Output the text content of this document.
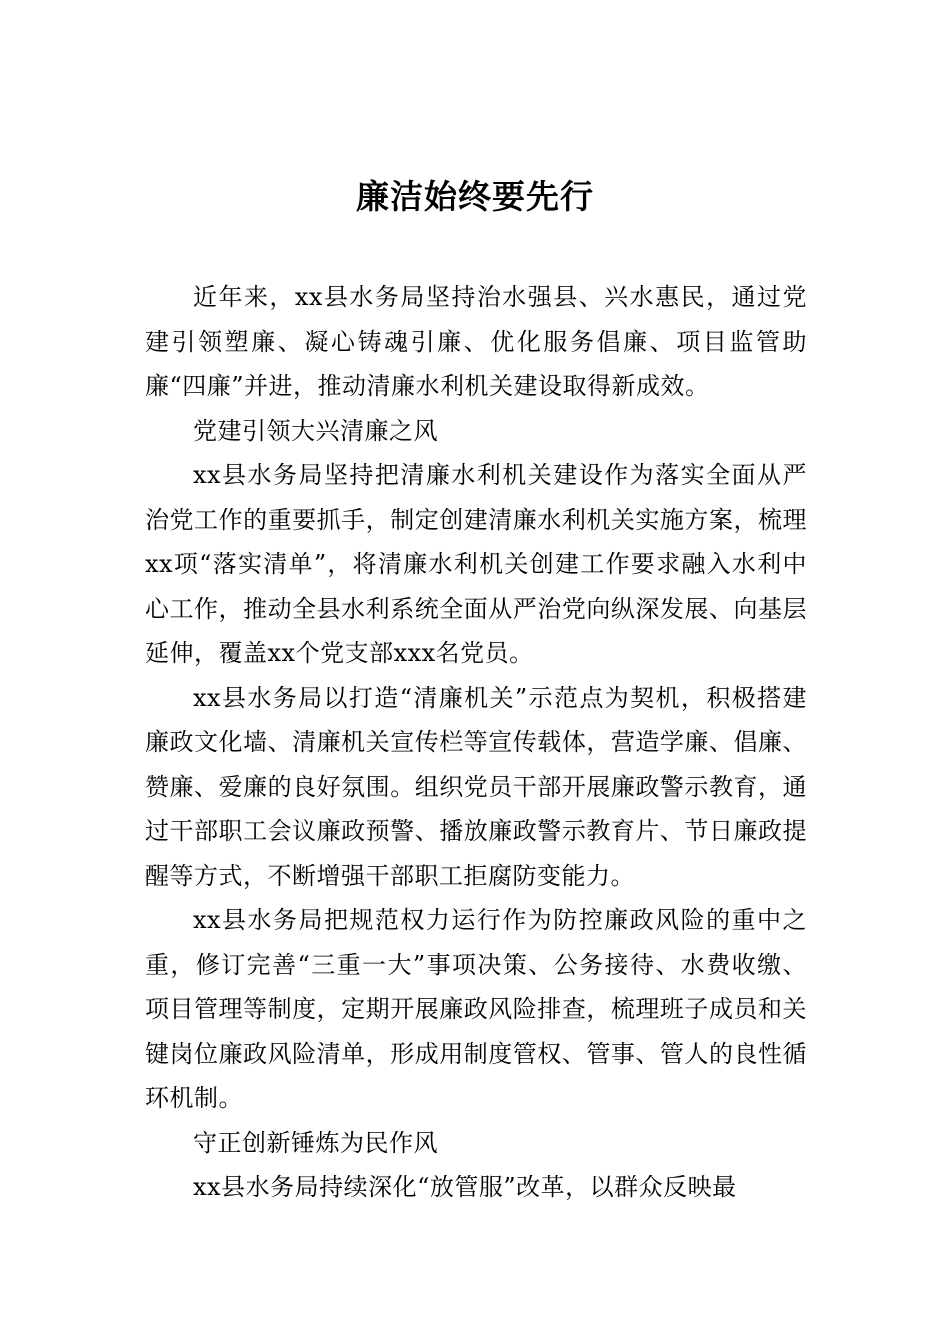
廉洁始终要先行

近年来，xx县水务局坚持治水强县、兴水惠民，通过党建引领塑廉、凝心铸魂引廉、优化服务倡廉、项目监管助廉“四廉”并进，推动清廉水利机关建设取得新成效。

党建引领大兴清廉之风

xx县水务局坚持把清廉水利机关建设作为落实全面从严治党工作的重要抓手，制定创建清廉水利机关实施方案，梳理xx项“落实清单”，将清廉水利机关创建工作要求融入水利中心工作，推动全县水利系统全面从严治党向纵深发展、向基层延伸，覆盖xx个党支部xxx名党员。

xx县水务局以打造“清廉机关”示范点为契机，积极搭建廉政文化墙、清廉机关宣传栏等宣传载体，营造学廉、倡廉、赞廉、爱廉的良好氛围。组织党员干部开展廉政警示教育，通过干部职工会议廉政预警、播放廉政警示教育片、节日廉政提醒等方式，不断增强干部职工拒腐防变能力。

xx县水务局把规范权力运行作为防控廉政风险的重中之重，修订完善“三重一大”事项决策、公务接待、水费收缴、项目管理等制度，定期开展廉政风险排查，梳理班子成员和关键岗位廉政风险清单，形成用制度管权、管事、管人的良性循环机制。

守正创新锤炼为民作风

xx县水务局持续深化“放管服”改革，以群众反映最
